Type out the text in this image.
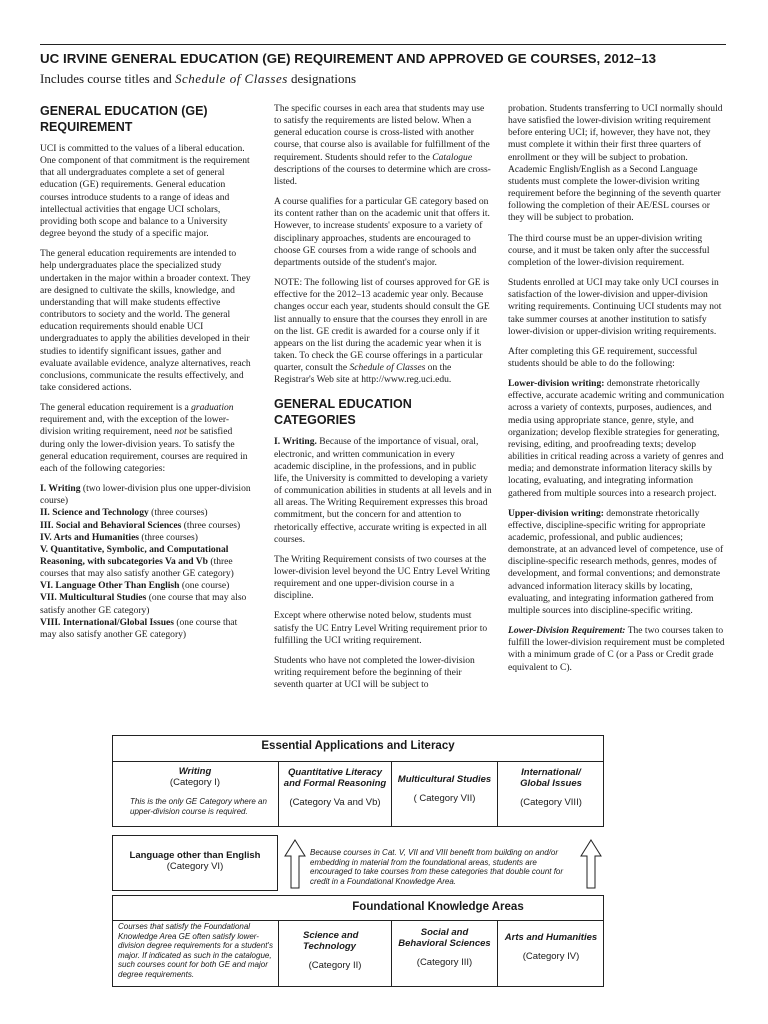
UC IRVINE GENERAL EDUCATION (GE) REQUIREMENT AND APPROVED GE COURSES, 2012–13
Includes course titles and Schedule of Classes designations
GENERAL EDUCATION (GE) REQUIREMENT

UCI is committed to the values of a liberal education. One component of that commitment is the requirement that all undergraduates complete a set of general education (GE) requirements. General education courses introduce students to a range of ideas and intellectual activities that engage UCI scholars, providing both scope and balance to a University degree beyond the study of a specific major.

The general education requirements are intended to help undergraduates place the specialized study undertaken in the major within a broader context. They are designed to cultivate the skills, knowledge, and understanding that will make students effective contributors to society and the world. The general education requirements should enable UCI undergraduates to apply the abilities developed in their studies to identify significant issues, gather and evaluate available evidence, analyze alternatives, reach conclusions, communicate the results effectively, and take considered actions.

The general education requirement is a graduation requirement and, with the exception of the lower-division writing requirement, need not be satisfied during only the lower-division years. To satisfy the general education requirement, courses are required in each of the following categories:

I. Writing (two lower-division plus one upper-division course)
II. Science and Technology (three courses)
III. Social and Behavioral Sciences (three courses)
IV. Arts and Humanities (three courses)
V. Quantitative, Symbolic, and Computational Reasoning, with subcategories Va and Vb (three courses that may also satisfy another GE category)
VI. Language Other Than English (one course)
VII. Multicultural Studies (one course that may also satisfy another GE category)
VIII. International/Global Issues (one course that may also satisfy another GE category)

The specific courses in each area that students may use to satisfy the requirements are listed below. When a general education course is cross-listed with another course, that course also is available for fulfillment of the requirement. Students should refer to the Catalogue descriptions of the courses to determine which are cross-listed.

A course qualifies for a particular GE category based on its content rather than on the academic unit that offers it. However, to increase students' exposure to a variety of disciplinary approaches, students are encouraged to choose GE courses from a wide range of schools and departments outside of the student's major.

NOTE: The following list of courses approved for GE is effective for the 2012–13 academic year only. Because changes occur each year, students should consult the GE list annually to ensure that the courses they enroll in are on the list. GE credit is awarded for a course only if it appears on the list during the academic year when it is taken. To check the GE course offerings in a particular quarter, consult the Schedule of Classes on the Registrar's Web site at http://www.reg.uci.edu.

GENERAL EDUCATION CATEGORIES

I. Writing. Because of the importance of visual, oral, electronic, and written communication in every academic discipline, in the professions, and in public life, the University is committed to developing a variety of communication abilities in students at all levels and in all areas. The Writing Requirement expresses this broad commitment, but the concern for and attention to rhetorically effective, accurate writing is expected in all courses.

The Writing Requirement consists of two courses at the lower-division level beyond the UC Entry Level Writing requirement and one upper-division course in a discipline.

Except where otherwise noted below, students must satisfy the UC Entry Level Writing requirement prior to fulfilling the UCI writing requirement.

Students who have not completed the lower-division writing requirement before the beginning of their seventh quarter at UCI will be subject to

probation. Students transferring to UCI normally should have satisfied the lower-division writing requirement before entering UCI; if, however, they have not, they must complete it within their first three quarters of enrollment or they will be subject to probation. Academic English/English as a Second Language students must complete the lower-division writing requirement before the beginning of the seventh quarter following the completion of their AE/ESL courses or they will be subject to probation.

The third course must be an upper-division writing course, and it must be taken only after the successful completion of the lower-division requirement.

Students enrolled at UCI may take only UCI courses in satisfaction of the lower-division and upper-division writing requirements. Continuing UCI students may not take summer courses at another institution to satisfy lower-division or upper-division writing requirements.

After completing this GE requirement, successful students should be able to do the following:

Lower-division writing: demonstrate rhetorically effective, accurate academic writing and communication across a variety of contexts, purposes, audiences, and media using appropriate stance, genre, style, and organization; develop flexible strategies for generating, revising, editing, and proofreading texts; develop abilities in critical reading across a variety of genres and media; and demonstrate information literacy skills by locating, evaluating, and integrating information gathered from multiple sources into a research project.

Upper-division writing: demonstrate rhetorically effective, discipline-specific writing for appropriate academic, professional, and public audiences; demonstrate, at an advanced level of competence, use of discipline-specific research methods, genres, modes of development, and formal conventions; and demonstrate advanced information literacy skills by locating, evaluating, and integrating information gathered from multiple sources into discipline-specific writing.

Lower-Division Requirement: The two courses taken to fulfill the lower-division requirement must be completed with a minimum grade of C (or a Pass or Credit grade equivalent to C).

Essential Applications and Literacy
Writing
(Category I)
This is the only GE Category where an upper-division course is required.
Quantitative Literacy
and Formal Reasoning
(Category Va and Vb)
Multicultural Studies
( Category VII)
International/
Global Issues
(Category VIII)
Language other than English
(Category VI)
Because courses in Cat. V, VII and VIII benefit from building on and/or embedding in material from the foundational areas, students are encouraged to take courses from these categories that double count for credit in a Foundational Knowledge Area.
Foundational Knowledge Areas
Courses that satisfy the Foundational Knowledge Area GE often satisfy lower-division degree requirements for a student's major. If indicated as such in the catalogue, such courses count for both GE and major degree requirements.
Science and
Technology
(Category II)
Social and
Behavioral Sciences
(Category III)
Arts and Humanities
(Category IV)
